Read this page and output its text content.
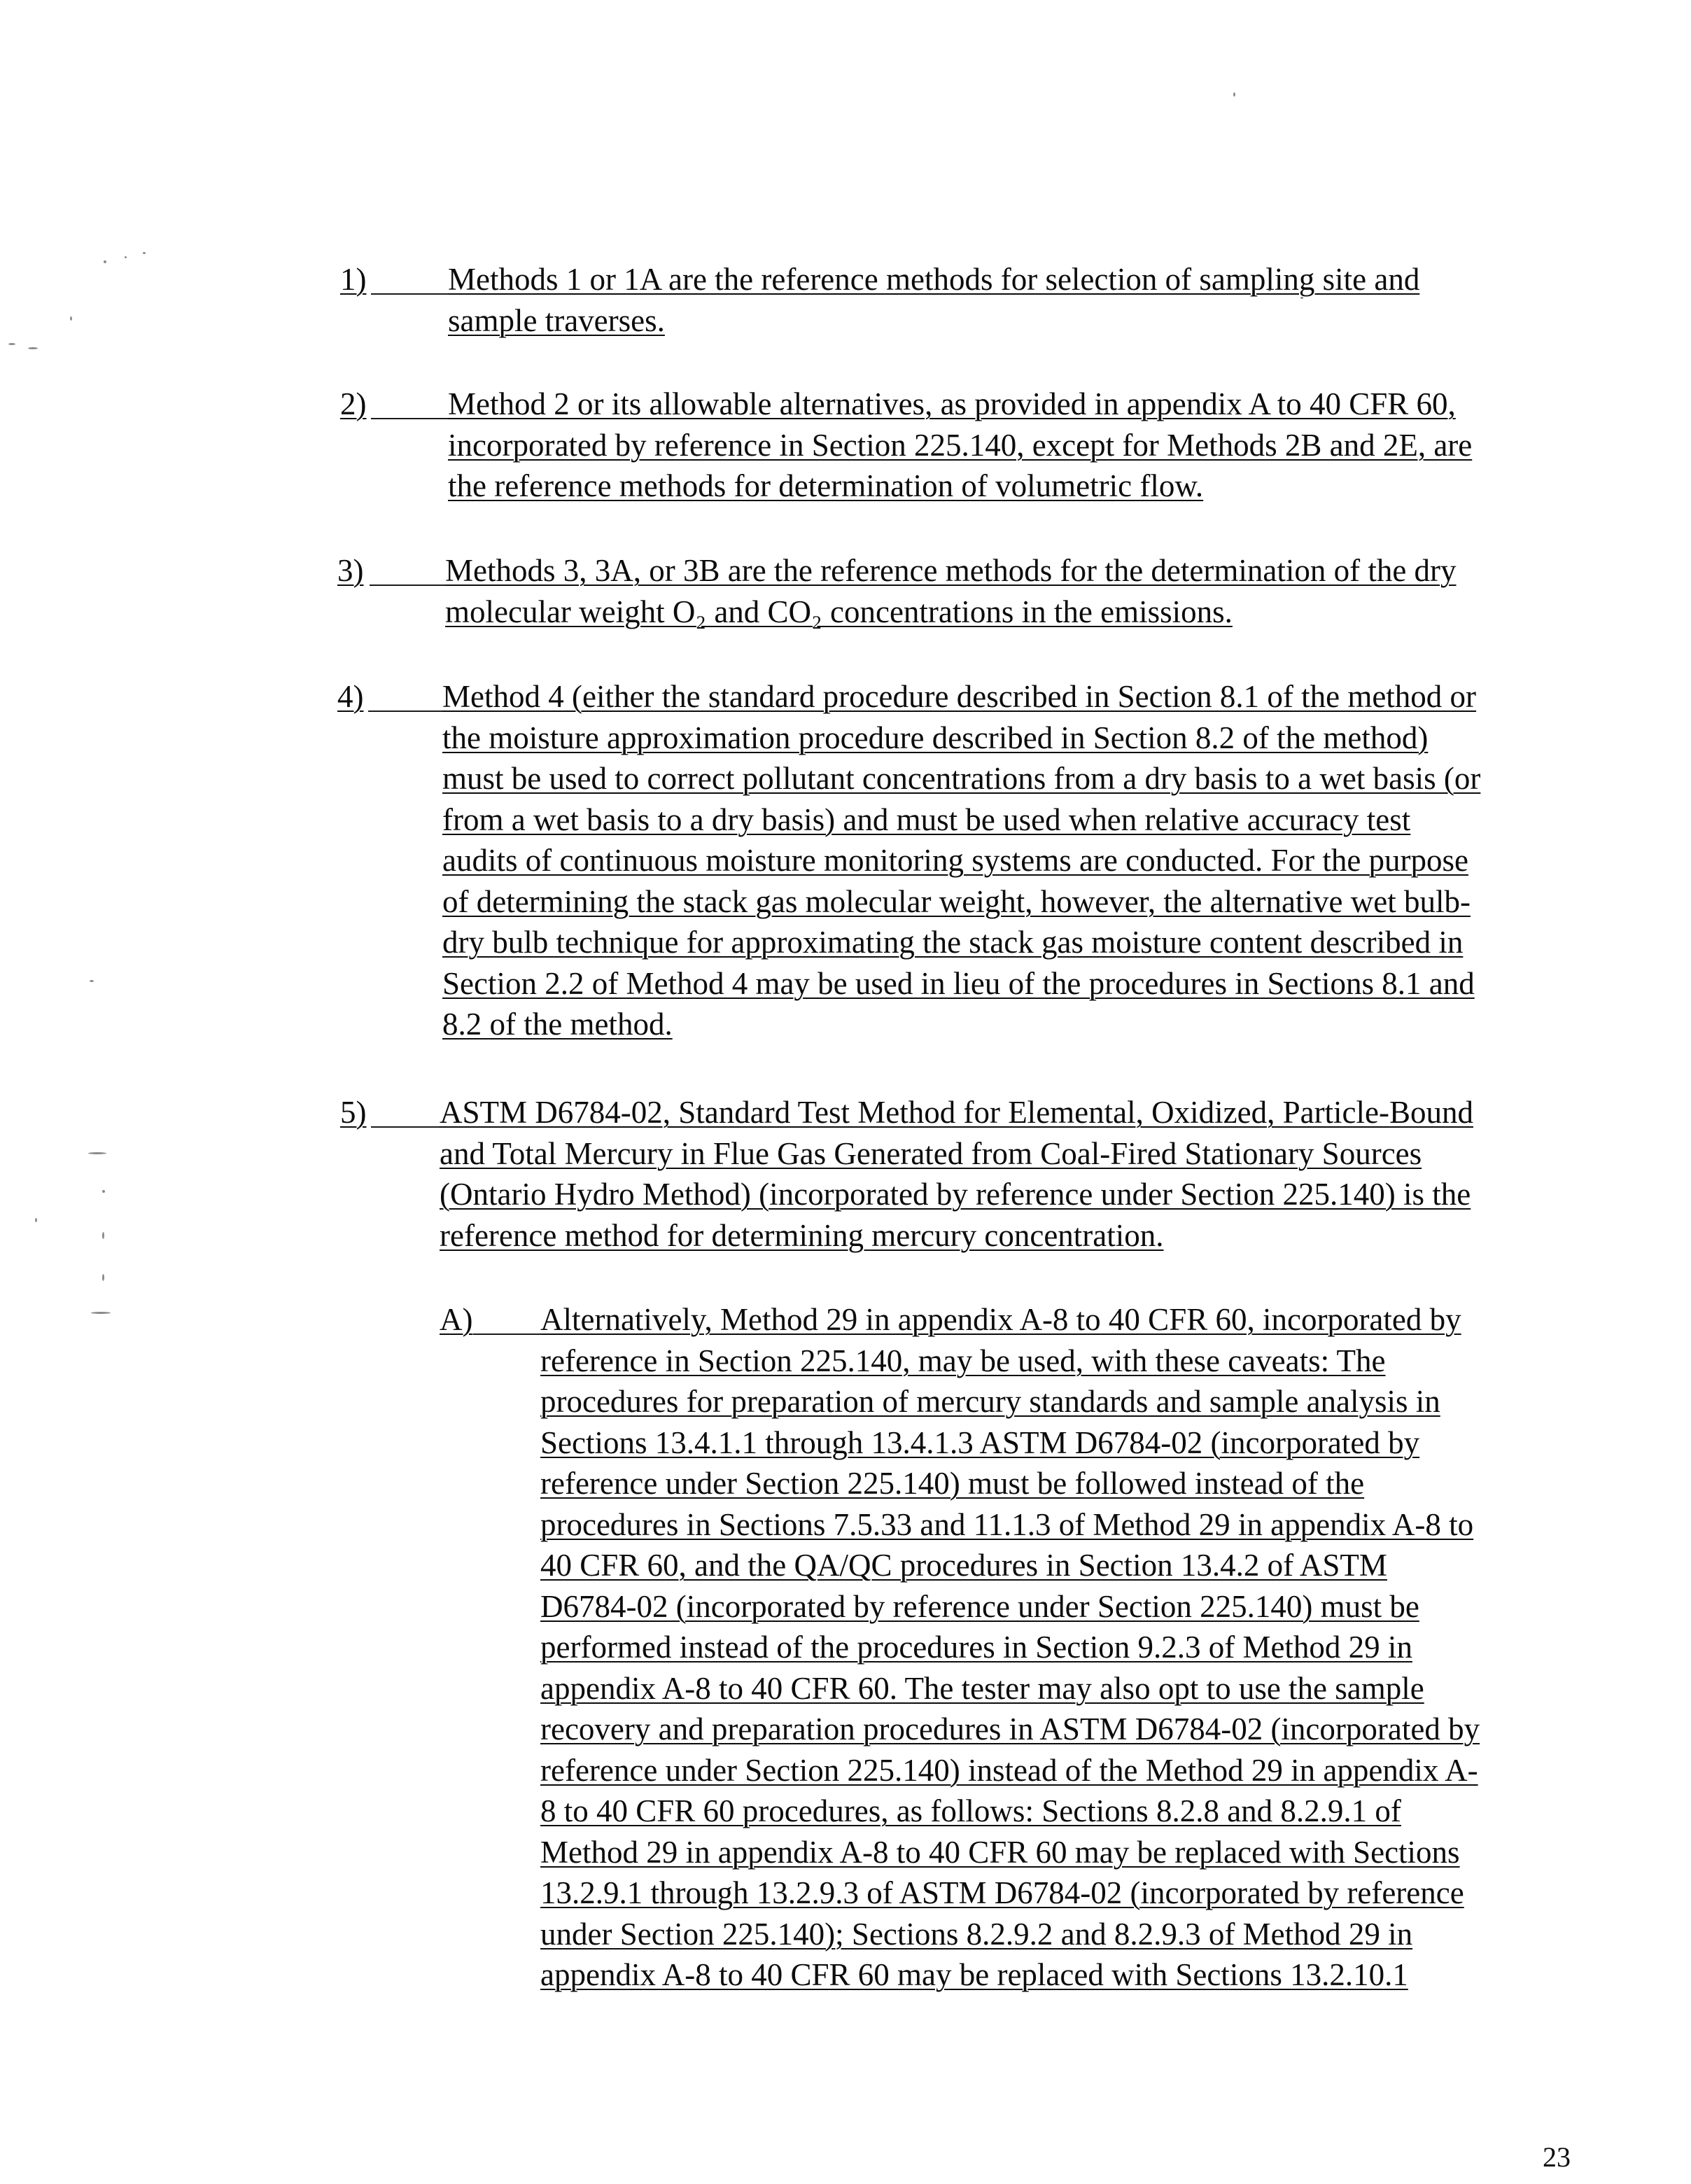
1)	Methods 1 or 1A are the reference methods for selection of sampling site and
sample traverses.
2)	Method 2 or its allowable alternatives, as provided in appendix A to 40 CFR 60,
incorporated by reference in Section 225.140, except for Methods 2B and 2E, are
the reference methods for determination of volumetric flow.
3)	Methods 3, 3A, or 3B are the reference methods for the determination of the dry
molecular weight O₂ and CO₂ concentrations in the emissions.
4)	Method 4 (either the standard procedure described in Section 8.1 of the method or
the moisture approximation procedure described in Section 8.2 of the method)
must be used to correct pollutant concentrations from a dry basis to a wet basis (or
from a wet basis to a dry basis) and must be used when relative accuracy test
audits of continuous moisture monitoring systems are conducted. For the purpose
of determining the stack gas molecular weight, however, the alternative wet bulb-
dry bulb technique for approximating the stack gas moisture content described in
Section 2.2 of Method 4 may be used in lieu of the procedures in Sections 8.1 and
8.2 of the method.
5) ASTM D6784-02, Standard Test Method for Elemental, Oxidized, Particle-Bound
and Total Mercury in Flue Gas Generated from Coal-Fired Stationary Sources
(Ontario Hydro Method) (incorporated by reference under Section 225.140) is the
reference method for determining mercury concentration.
A) Alternatively, Method 29 in appendix A-8 to 40 CFR 60, incorporated by
reference in Section 225.140, may be used, with these caveats: The
procedures for preparation of mercury standards and sample analysis in
Sections 13.4.1.1 through 13.4.1.3 ASTM D6784-02 (incorporated by
reference under Section 225.140) must be followed instead of the
procedures in Sections 7.5.33 and 11.1.3 of Method 29 in appendix A-8 to
40 CFR 60, and the QA/QC procedures in Section 13.4.2 of ASTM
D6784-02 (incorporated by reference under Section 225.140) must be
performed instead of the procedures in Section 9.2.3 of Method 29 in
appendix A-8 to 40 CFR 60. The tester may also opt to use the sample
recovery and preparation procedures in ASTM D6784-02 (incorporated by
reference under Section 225.140) instead of the Method 29 in appendix A-
8 to 40 CFR 60 procedures, as follows: Sections 8.2.8 and 8.2.9.1 of
Method 29 in appendix A-8 to 40 CFR 60 may be replaced with Sections
13.2.9.1 through 13.2.9.3 of ASTM D6784-02 (incorporated by reference
under Section 225.140); Sections 8.2.9.2 and 8.2.9.3 of Method 29 in
appendix A-8 to 40 CFR 60 may be replaced with Sections 13.2.10.1
23
